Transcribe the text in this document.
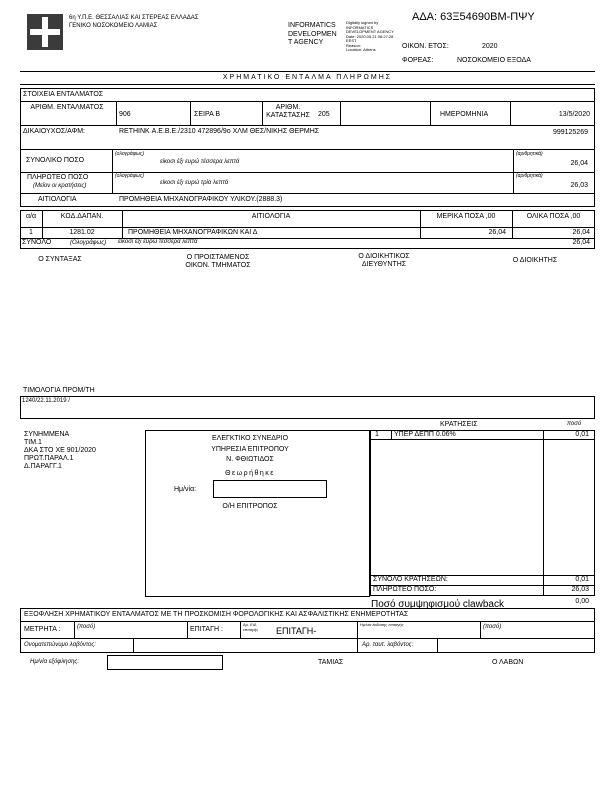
6η Υ.Π.Ε. ΘΕΣΣΑΛΙΑΣ ΚΑΙ ΣΤΕΡΕΑΣ ΕΛΛΑΔΑΣ
ΓΕΝΙΚΟ ΝΟΣΟΚΟΜΕΙΟ ΛΑΜΙΑΣ	INFORMATICS
DEVELOPMEN
T AGENCY
Digitally signed by
INFORMATICS
DEVELOPMENT AGENCY
Date: 2020.05.21 08:27:28
EEST
Reason:
Location: Athens
ΑΔΑ: 63Ξ54690ΒΜ-ΠΨΥ
ΟΙΚΟΝ. ΕΤΟΣ:	2020
ΦΟΡΕΑΣ:	ΝΟΣΟΚΟΜΕΙΟ ΕΞΟΔΑ
ΧΡΗΜΑΤΙΚΟ ΕΝΤΑΛΜΑ ΠΛΗΡΩΜΗΣ
ΣΤΟΙΧΕΙΑ ΕΝΤΑΛΜΑΤΟΣ
ΑΡΙΘΜ. ΕΝΤΑΛΜΑΤΟΣ
906	ΣΕΙΡΑ Β
ΑΡΙΘΜ. ΚΑΤΑΣΤΑΣΗΣ	205	ΗΜΕΡΟΜΗΝΙΑ	13/5/2020
ΔΙΚΑΙΟΥΧΟΣ/ΑΦΜ:	RETHINK Α.Ε.Β.Ε./2310 472896/9ο ΧΛΜ ΘΕΣ/ΝΙΚΗΣ ΘΕΡΜΗΣ	999125269
ΣΥΝΟΛΙΚΟ ΠΟΣΟ
(ολογράφως)
είκοσι έξι ευρώ τέσσερα λεπτά
(αριθμητικά)
26,04
ΠΛΗΡΩΤΕΟ ΠΟΣΟ
(Μείον οι κρατήσεις)
(ολογράφως)
είκοσι έξι ευρώ τρία λεπτά
(αριθμητικά)
26,03
ΑΙΤΙΟΛΟΓΙΑ	ΠΡΟΜΗΘΕΙΑ ΜΗΧΑΝΟΓΡΑΦΙΚΟΥ ΥΛΙΚΟΥ.(2888.3)
α/α	ΚΩΔ.ΔΑΠΑΝ.	ΑΙΤΙΟΛΟΓΙΑ	ΜΕΡΙΚΑ ΠΟΣΑ ,00	ΟΛΙΚΑ ΠΟΣΑ ,00
1	1281.02	ΠΡΟΜΗΘΕΙΑ ΜΗΧΑΝΟΓΡΑΦΙΚΩΝ ΚΑΙ Δ	26,04	26,04
ΣΥΝΟΛΟ	(Ολογράφως) είκοσι έξι ευρώ τέσσερα λεπτά	26,04
Ο ΣΥΝΤΑΞΑΣ	Ο ΠΡΟΙΣΤΑΜΕΝΟΣ ΟΙΚΟΝ. ΤΜΗΜΑΤΟΣ
Ο ΔΙΟΙΚΗΤΙΚΟΣ ΔΙΕΥΘΥΝΤΗΣ
Ο ΔΙΟΙΚΗΤΗΣ
ΤΙΜΟΛΟΓΙΑ ΠΡΟΜ/ΤΗ
1240/22.11.2019 /
ΣΥΝΗΜΜΕΝΑ
ΤΙΜ.1
ΔΚΑ ΣΤΟ ΧΕ 901/2020
ΠΡΩΤ.ΠΑΡΑΛ.1
Δ.ΠΑΡΑΓΓ.1
ΕΛΕΓΚΤΙΚΟ ΣΥΝΕΔΡΙΟ
ΥΠΗΡΕΣΙΑ ΕΠΙΤΡΟΠΟΥ
Ν. ΦΘΙΩΤΙΔΟΣ
Θεωρήθηκε
Ημ/νία:
Ο/Η ΕΠΙΤΡΟΠΟΣ
ΚΡΑΤΗΣΕΙΣ	ποσό
1 ΥΠΕΡ ΔΕΠΠ 0.06%	0,01
ΣΥΝΟΛΟ ΚΡΑΤΗΣΕΩΝ:	0,01
ΠΛΗΡΩΤΕΟ ΠΟΣΟ:	26,03
Ποσό συμψηφισμού clawback	0,00
ΕΞΟΦΛΗΣΗ ΧΡΗΜΑΤΙΚΟΥ ΕΝΤΑΛΜΑΤΟΣ ΜΕ ΤΗ ΠΡΟΣΚΟΜΙΣΗ ΦΟΡΟΛΟΓΙΚΗΣ ΚΑΙ ΑΣΦΑΛΙΣΤΙΚΗΣ ΕΝΗΜΕΡΟΤΗΤΑΣ
ΜΕΤΡΗΤΑ :	(ποσό)	ΕΠΙΤΑΓΗ :
Αρ. Ειδ. επιταγής	ΕΠΙΤΑΓΗ-
Ημ/νία έκδοσης επιταγής	(ποσό)
Ονοματεπώνυμο λαβόντος:	Αρ. ταυτ. λαβόντος:
Ημ/νία εξόφλησης:	ΤΑΜΙΑΣ	Ο ΛΑΒΩΝ
